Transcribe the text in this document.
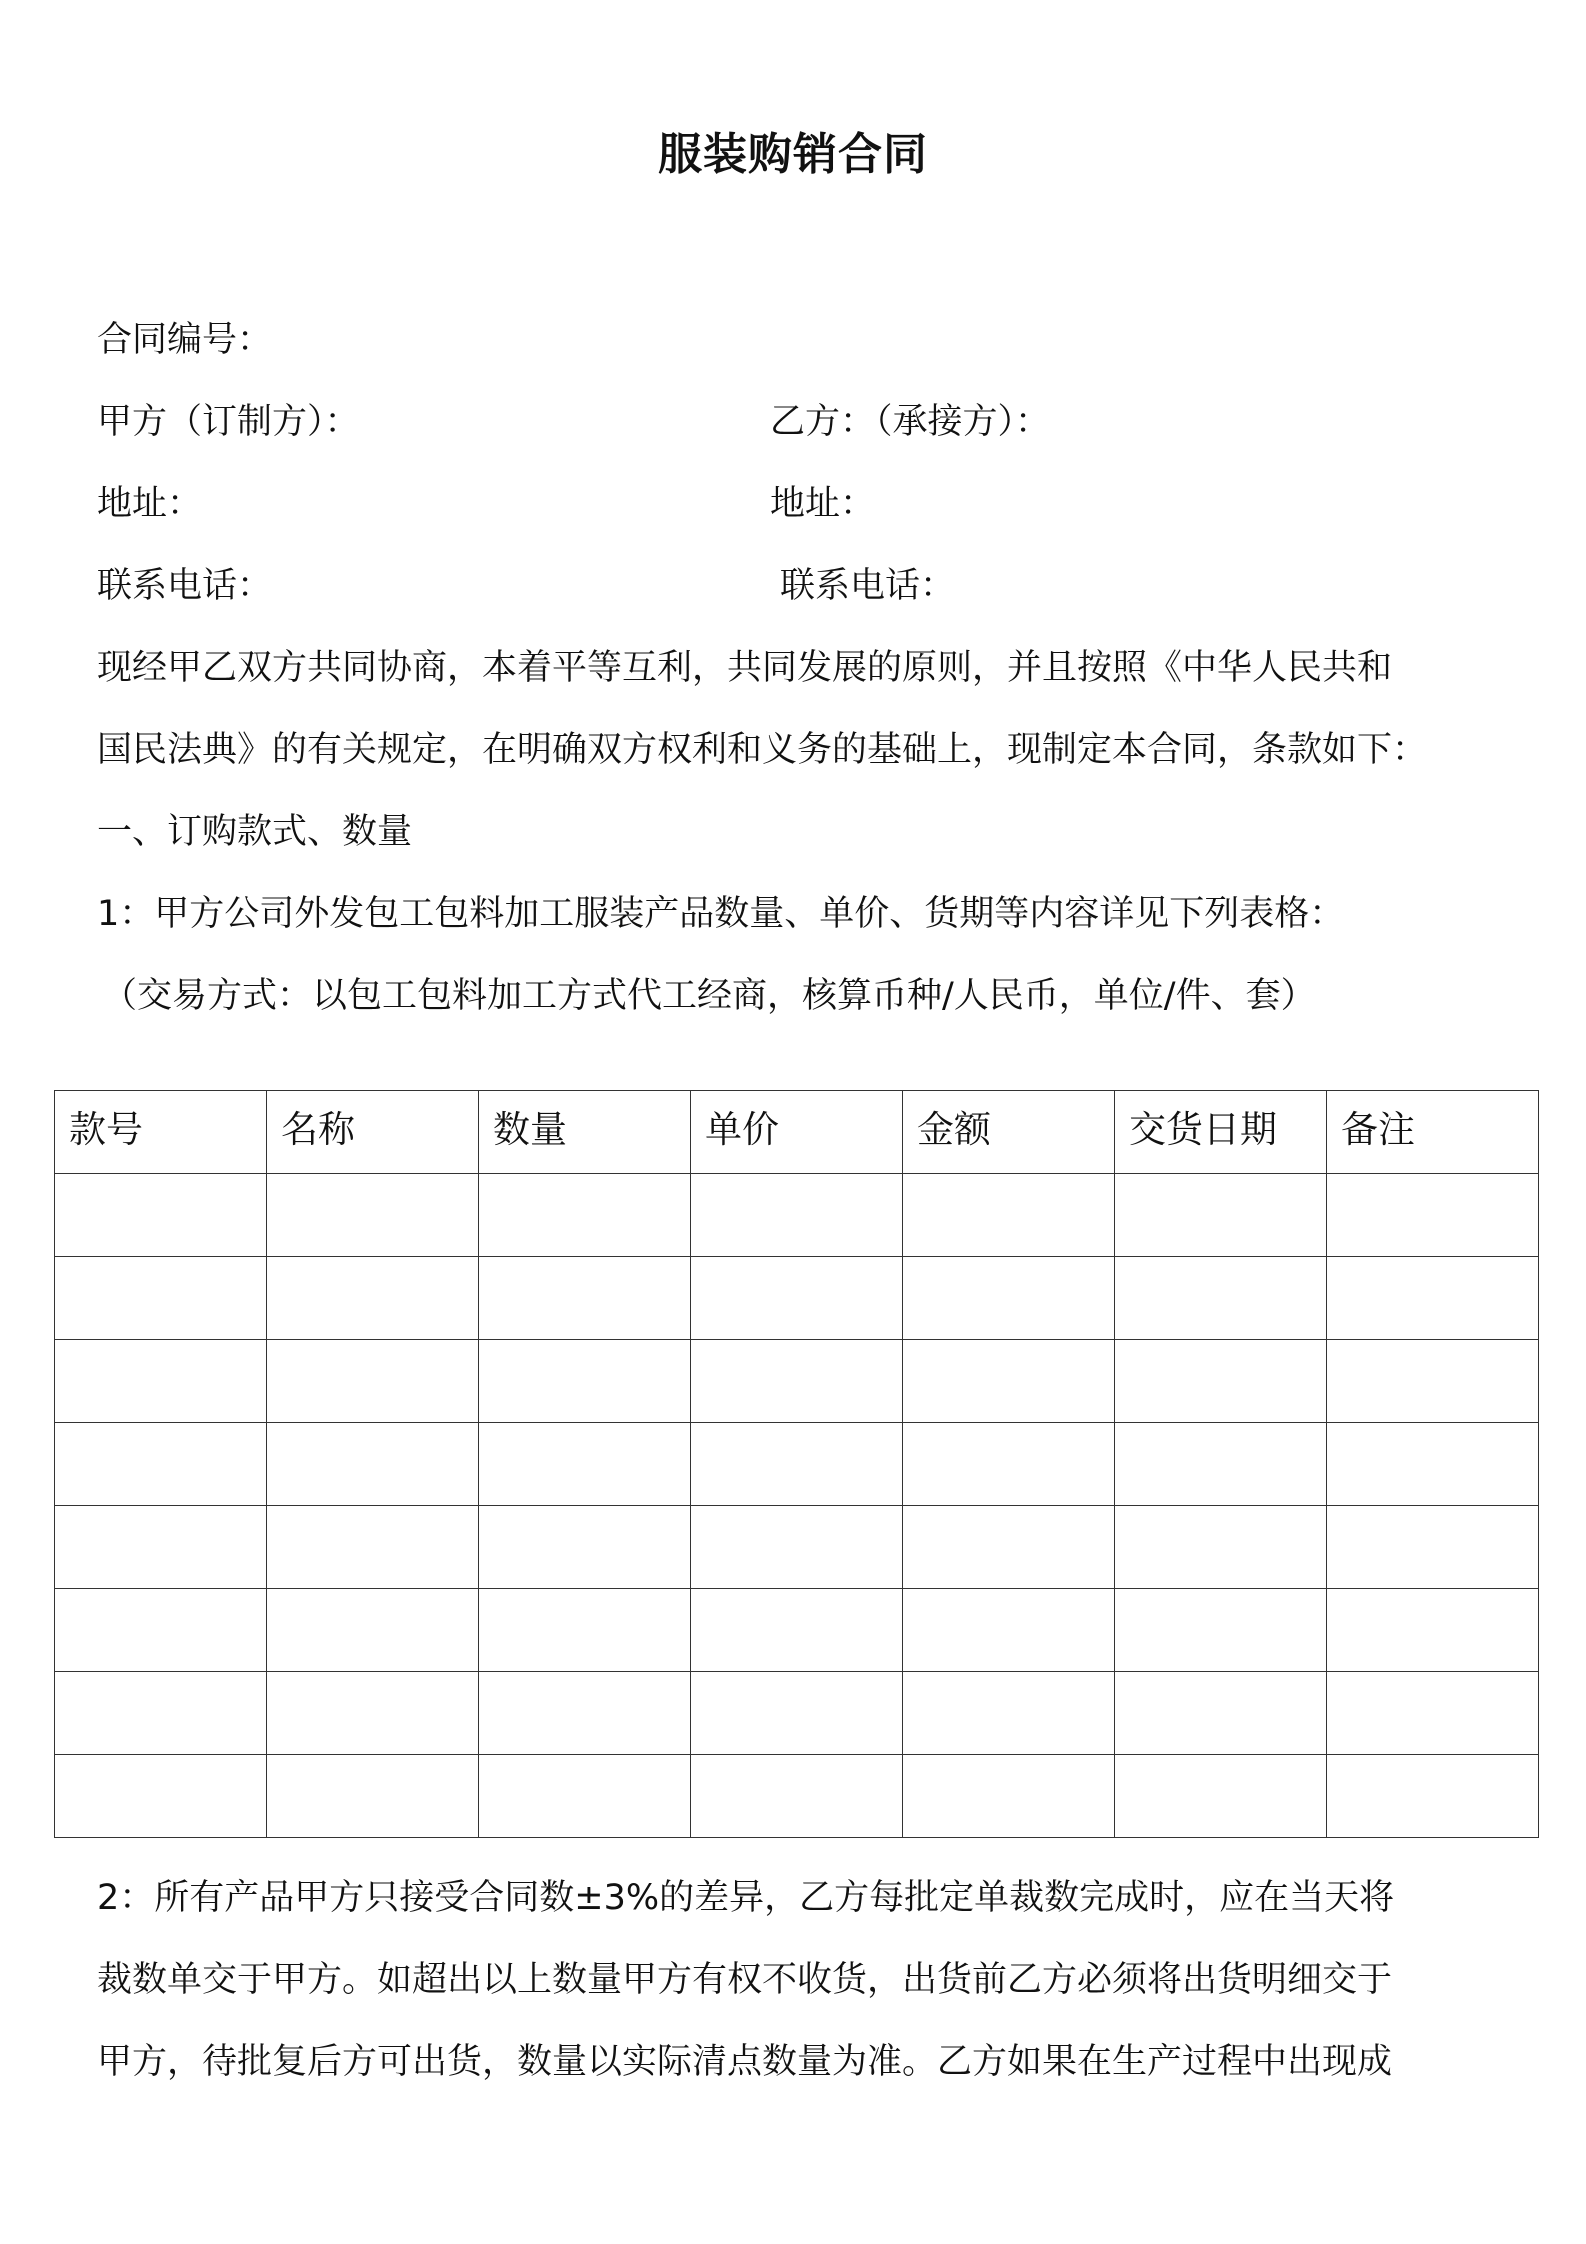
服装购销合同
合同编号：
甲方（订制方）：	乙方：（承接方）：
地址：	地址：
联系电话：	联系电话：
现经甲乙双方共同协商，本着平等互利，共同发展的原则，并且按照《中华人民共和
国民法典》的有关规定，在明确双方权利和义务的基础上，现制定本合同，条款如下：
一、订购款式、数量
1：甲方公司外发包工包料加工服装产品数量、单价、货期等内容详见下列表格：
（交易方式：以包工包料加工方式代工经商，核算币种/人民币，单位/件、套）
款号	名称	数量	单价	金额	交货日期	备注

2：所有产品甲方只接受合同数±3%的差异，乙方每批定单裁数完成时，应在当天将
裁数单交于甲方。如超出以上数量甲方有权不收货，出货前乙方必须将出货明细交于
甲方，待批复后方可出货，数量以实际清点数量为准。乙方如果在生产过程中出现成
